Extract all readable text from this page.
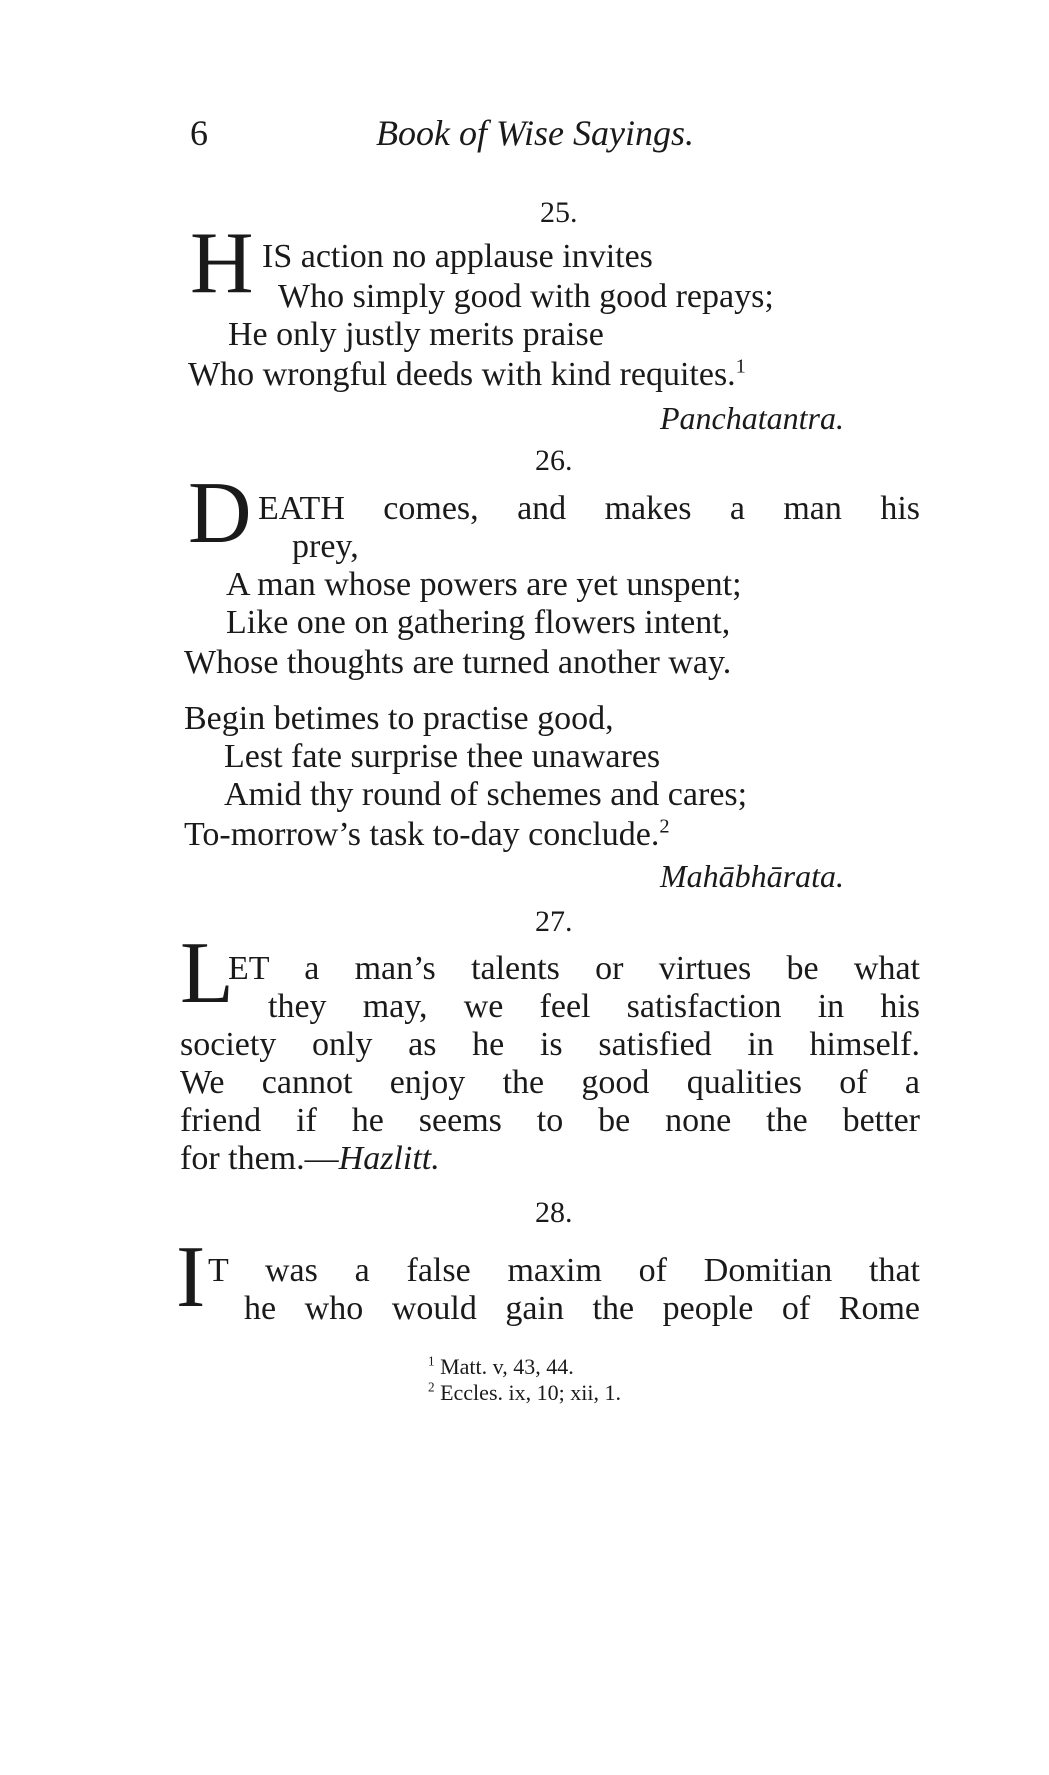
6	Book of Wise Sayings.
25.
H IS action no applause invites
Who simply good with good repays;
He only justly merits praise
Who wrongful deeds with kind requites.$^1$
Panchatantra.
26.
D EATH comes, and makes a man his
prey,
A man whose powers are yet unspent;
Like one on gathering flowers intent,
Whose thoughts are turned another way.
Begin betimes to practise good,
Lest fate surprise thee unawares
Amid thy round of schemes and cares;
To-morrow’s task to-day conclude.$^2$
Mahābhārata.
27.
L
ET a man’s talents or virtues be what
they may, we feel satisfaction in his
society only as he is satisfied in himself.
We cannot enjoy the good qualities of a
friend if he seems to be none the better
for them.—Hazlitt.
28.
I T was a false maxim of Domitian that
he who would gain the people of Rome
$^1$ Matt. v, 43, 44.
$^2$ Eccles. ix, 10; xii, 1.
